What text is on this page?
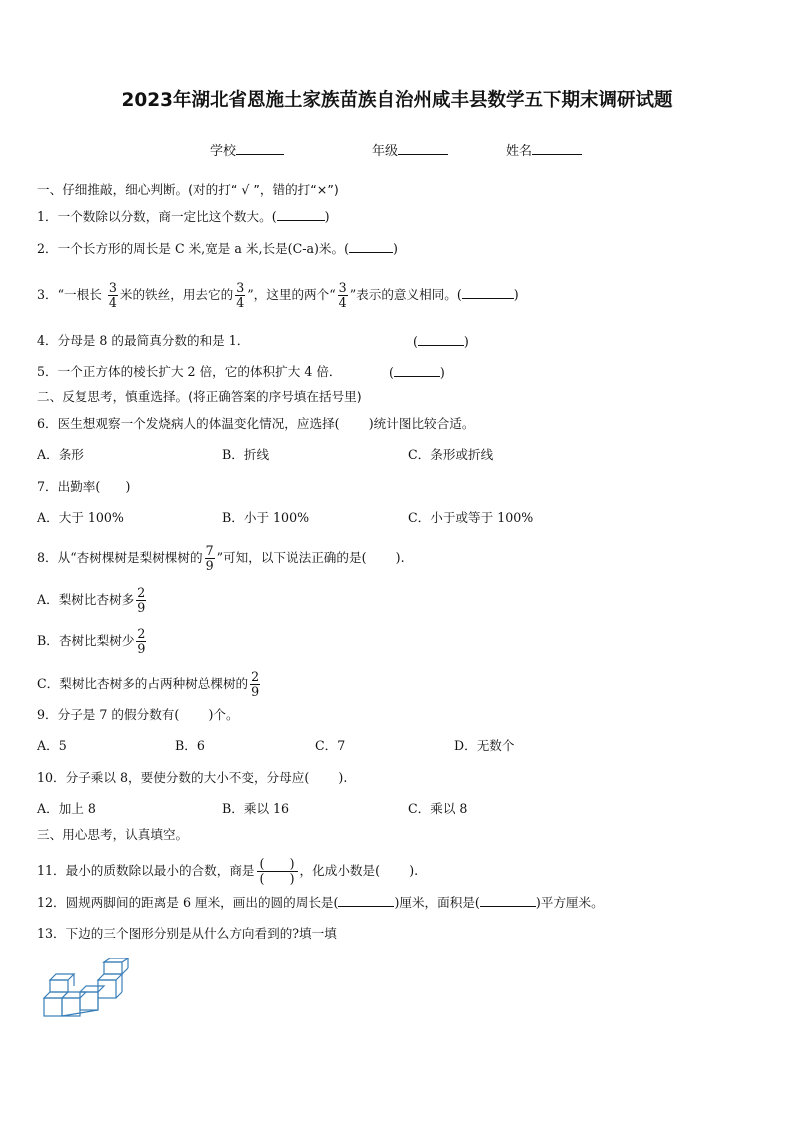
2023年湖北省恩施土家族苗族自治州咸丰县数学五下期末调研试题
学校	年级	姓名
一、仔细推敲，细心判断。(对的打“ √ ”，错的打“×”)
1．一个数除以分数，商一定比这个数大。(	)
2．一个长方形的周长是 C 米,宽是 a 米,长是(C-a)米。(	)
3．“一根长 $\frac{3}{4}$ 米的铁丝，用去它的 $\frac{3}{4}$ ”，这里的两个“ $\frac{3}{4}$ ”表示的意义相同。(	)
4．分母是 8 的最简真分数的和是 1．	(	)
5．一个正方体的棱长扩大 2 倍，它的体积扩大 4 倍．	(	)
二、反复思考，慎重选择。(将正确答案的序号填在括号里)
6．医生想观察一个发烧病人的体温变化情况，应选择(　　 )统计图比较合适。
A．条形	B．折线	C．条形或折线
7．出勤率(　　)
A．大于 100%	B．小于 100%	C．小于或等于 100%
8．从“杏树棵树是梨树棵树的 $\frac{7}{9}$ ”可知，以下说法正确的是(　　 ).
A．梨树比杏树多 $\frac{2}{9}$
B．杏树比梨树少 $\frac{2}{9}$
C．梨树比杏树多的占两种树总棵树的 $\frac{2}{9}$
9．分子是 7 的假分数有(　　 )个。
A．5	B．6	C．7	D．无数个
10．分子乘以 8，要使分数的大小不变，分母应(　　 ).
A．加上 8	B．乘以 16	C．乘以 8
三、用心思考，认真填空。
11．最小的质数除以最小的合数，商是 $\frac{( )}{( )}$ ，化成小数是(　　 ).
12．圆规两脚间的距离是 6 厘米，画出的圆的周长是(	)厘米，面积是(	)平方厘米。
13．下边的三个图形分别是从什么方向看到的?填一填
